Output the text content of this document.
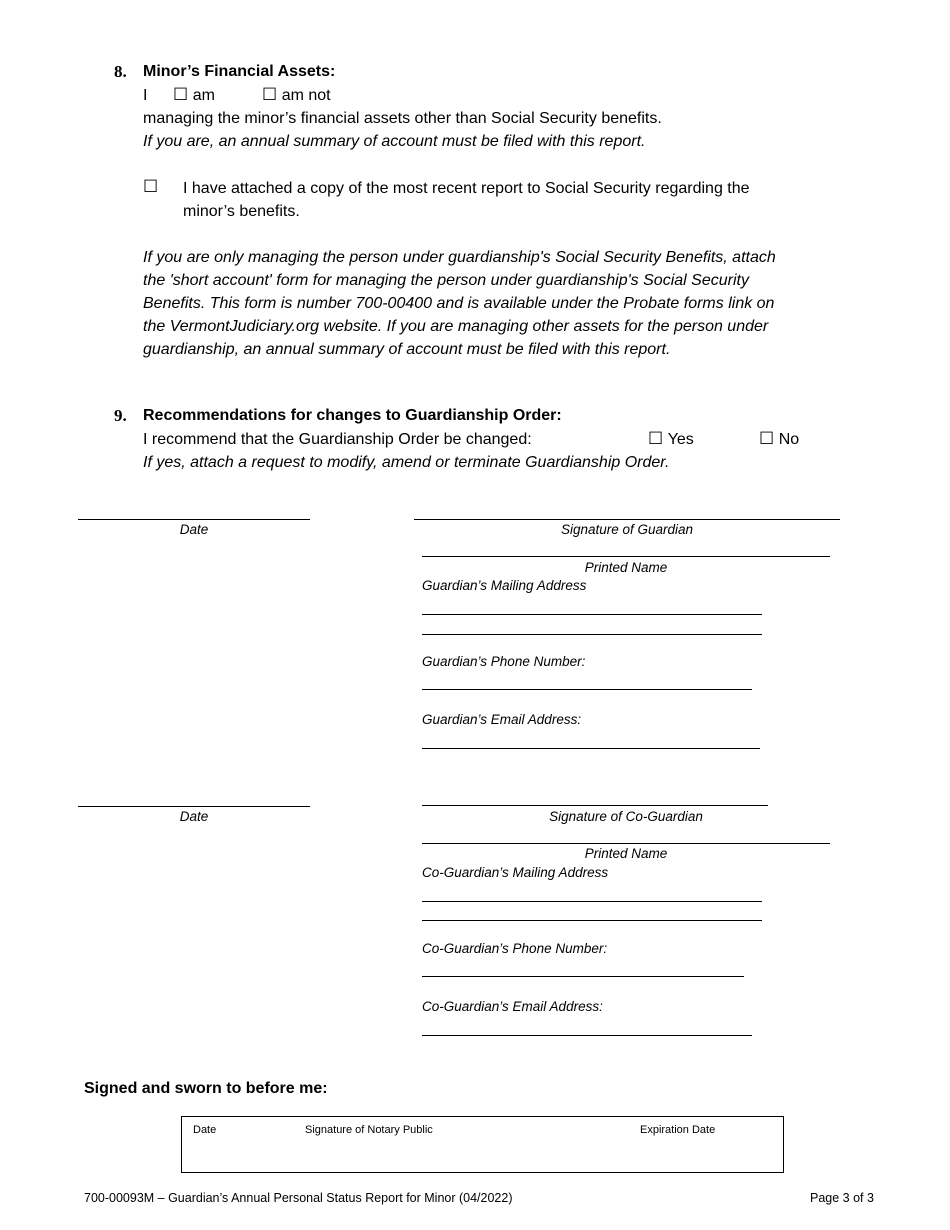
8. Minor’s Financial Assets:
I ☐ am	☐ am not
managing the minor’s financial assets other than Social Security benefits.
If you are, an annual summary of account must be filed with this report.
☐ I have attached a copy of the most recent report to Social Security regarding the
minor’s benefits.
If you are only managing the person under guardianship's Social Security Benefits, attach
the 'short account' form for managing the person under guardianship's Social Security
Benefits. This form is number 700-00400 and is available under the Probate forms link on
the VermontJudiciary.org website. If you are managing other assets for the person under
guardianship, an annual summary of account must be filed with this report.
9. Recommendations for changes to Guardianship Order:
I recommend that the Guardianship Order be changed:	☐ Yes	☐ No
If yes, attach a request to modify, amend or terminate Guardianship Order.
Date	Signature of Guardian
Printed Name
Guardian’s Mailing Address
Guardian’s Phone Number:
Guardian’s Email Address:
Date	Signature of Co-Guardian
Printed Name
Co-Guardian’s Mailing Address
Co-Guardian’s Phone Number:
Co-Guardian’s Email Address:
Signed and sworn to before me:
Date	Signature of Notary Public	Expiration Date
700-00093M – Guardian’s Annual Personal Status Report for Minor (04/2022)	Page 3 of 3
